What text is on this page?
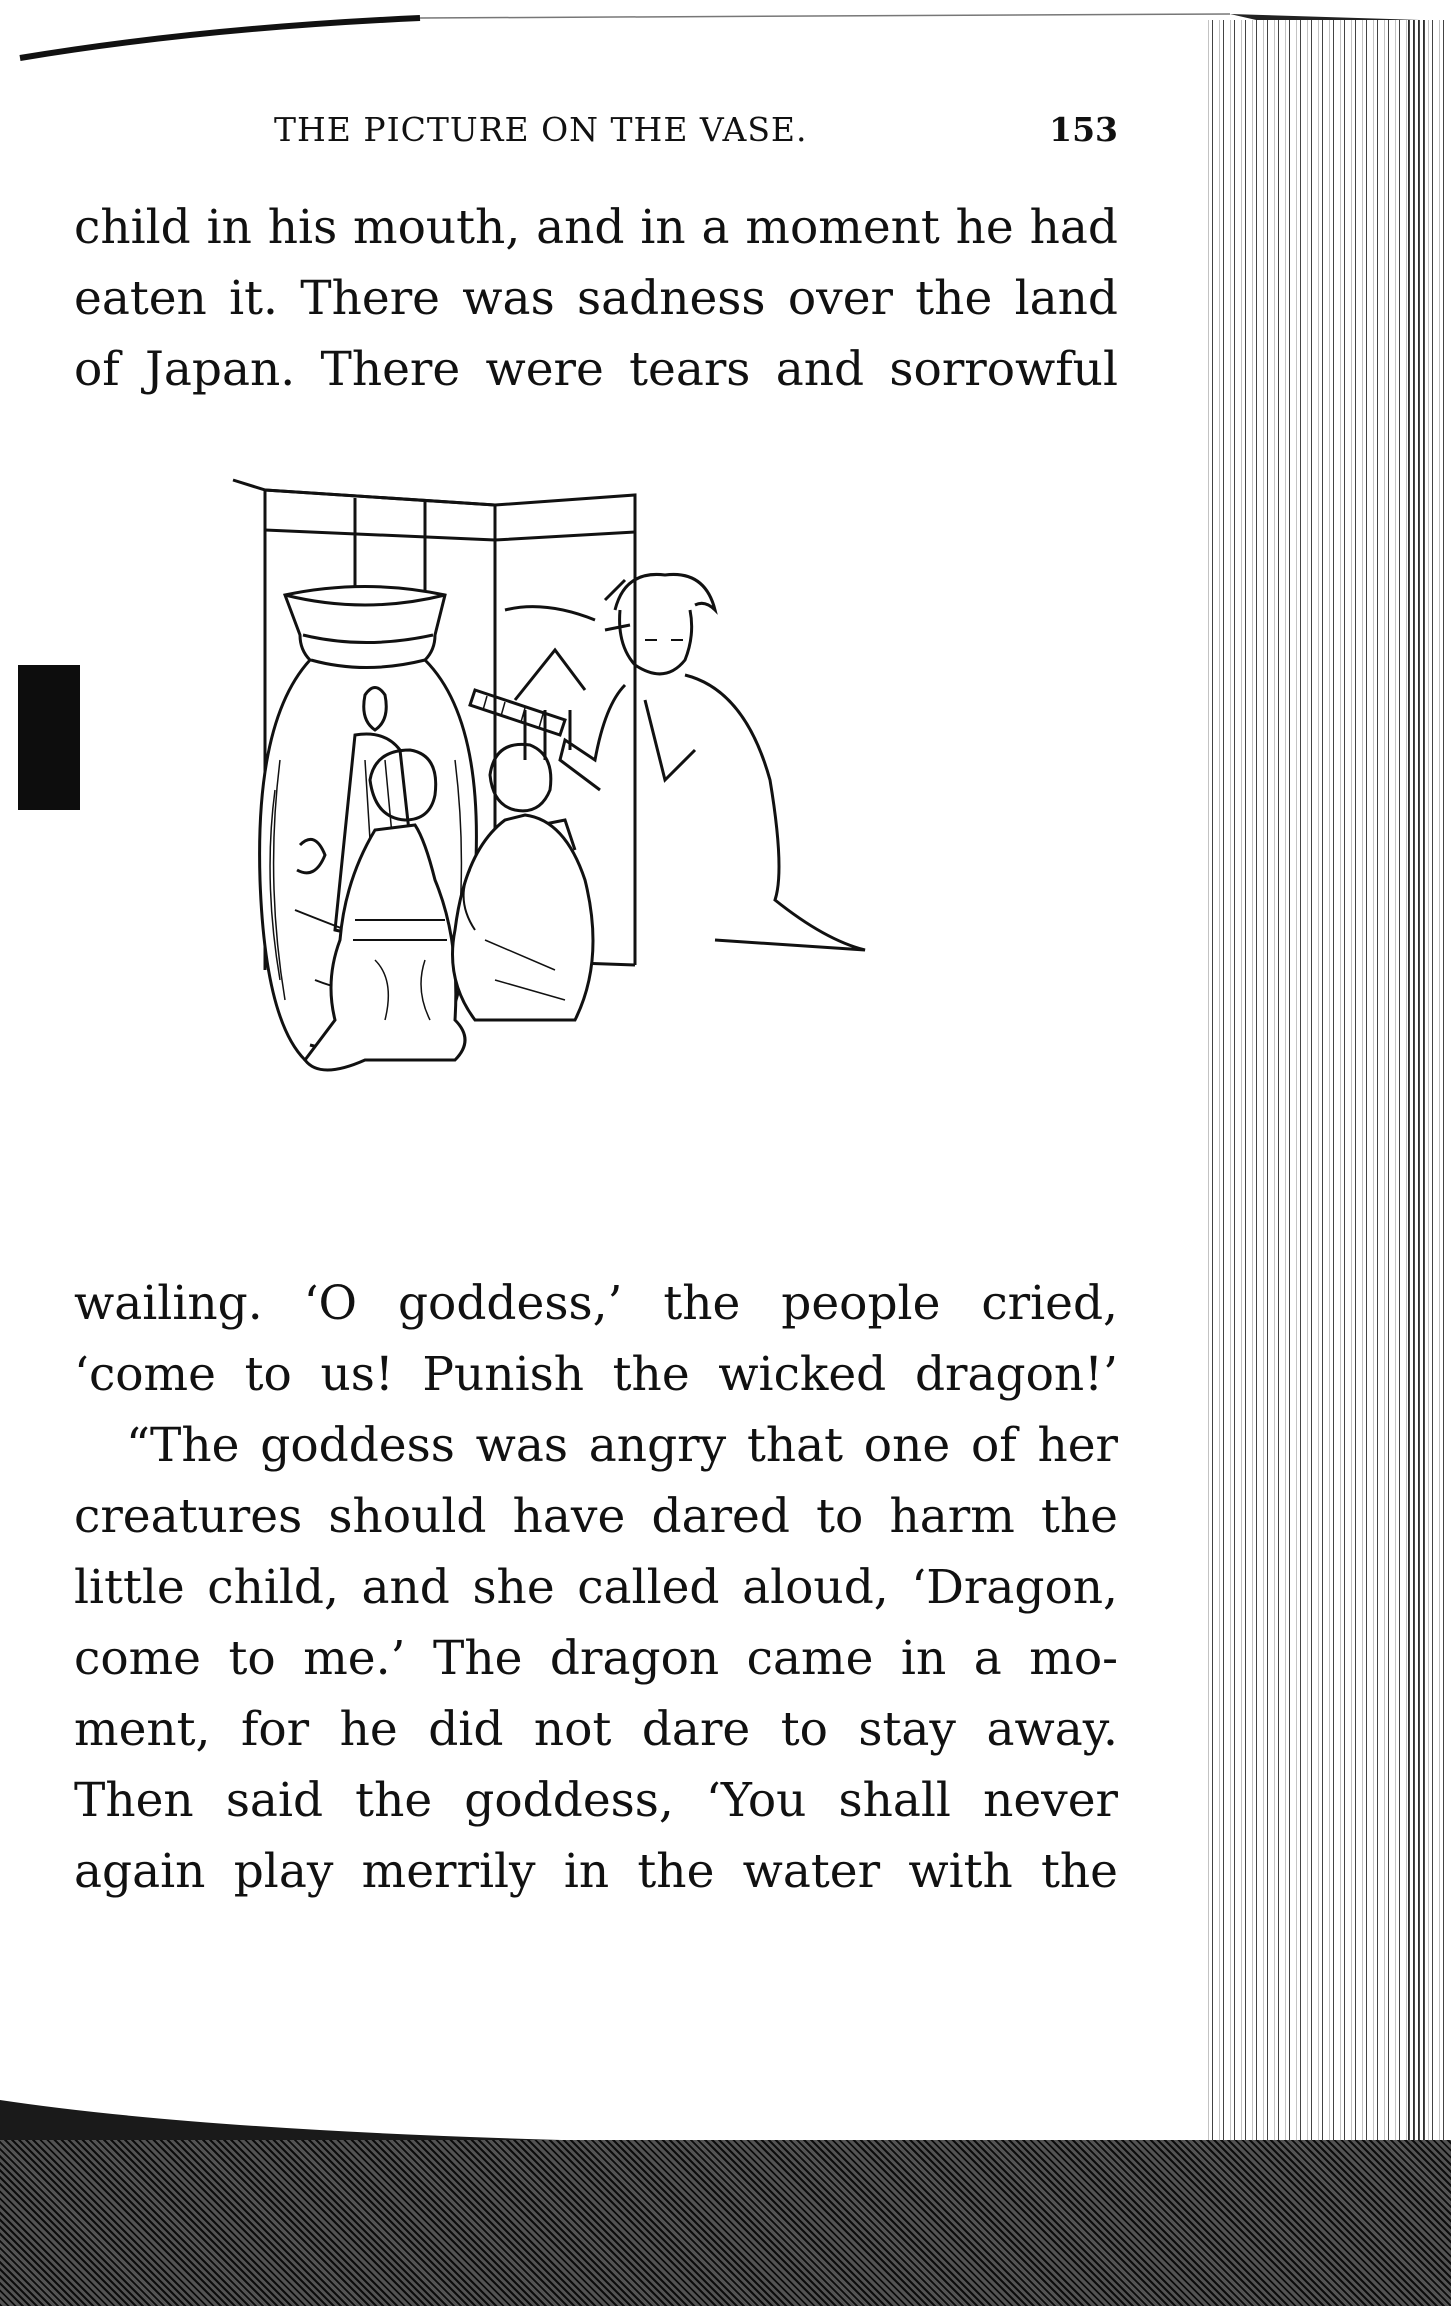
THE PICTURE ON THE VASE.	153
child in his mouth, and in a moment he had
eaten it. There was sadness over the land
of Japan. There were tears and sorrowful
wailing. ‘O goddess,’ the people cried,
‘come to us! Punish the wicked dragon!’
“The goddess was angry that one of her
creatures should have dared to harm the
little child, and she called aloud, ‘Dragon,
come to me.’ The dragon came in a mo-
ment, for he did not dare to stay away.
Then said the goddess, ‘You shall never
again play merrily in the water with the
